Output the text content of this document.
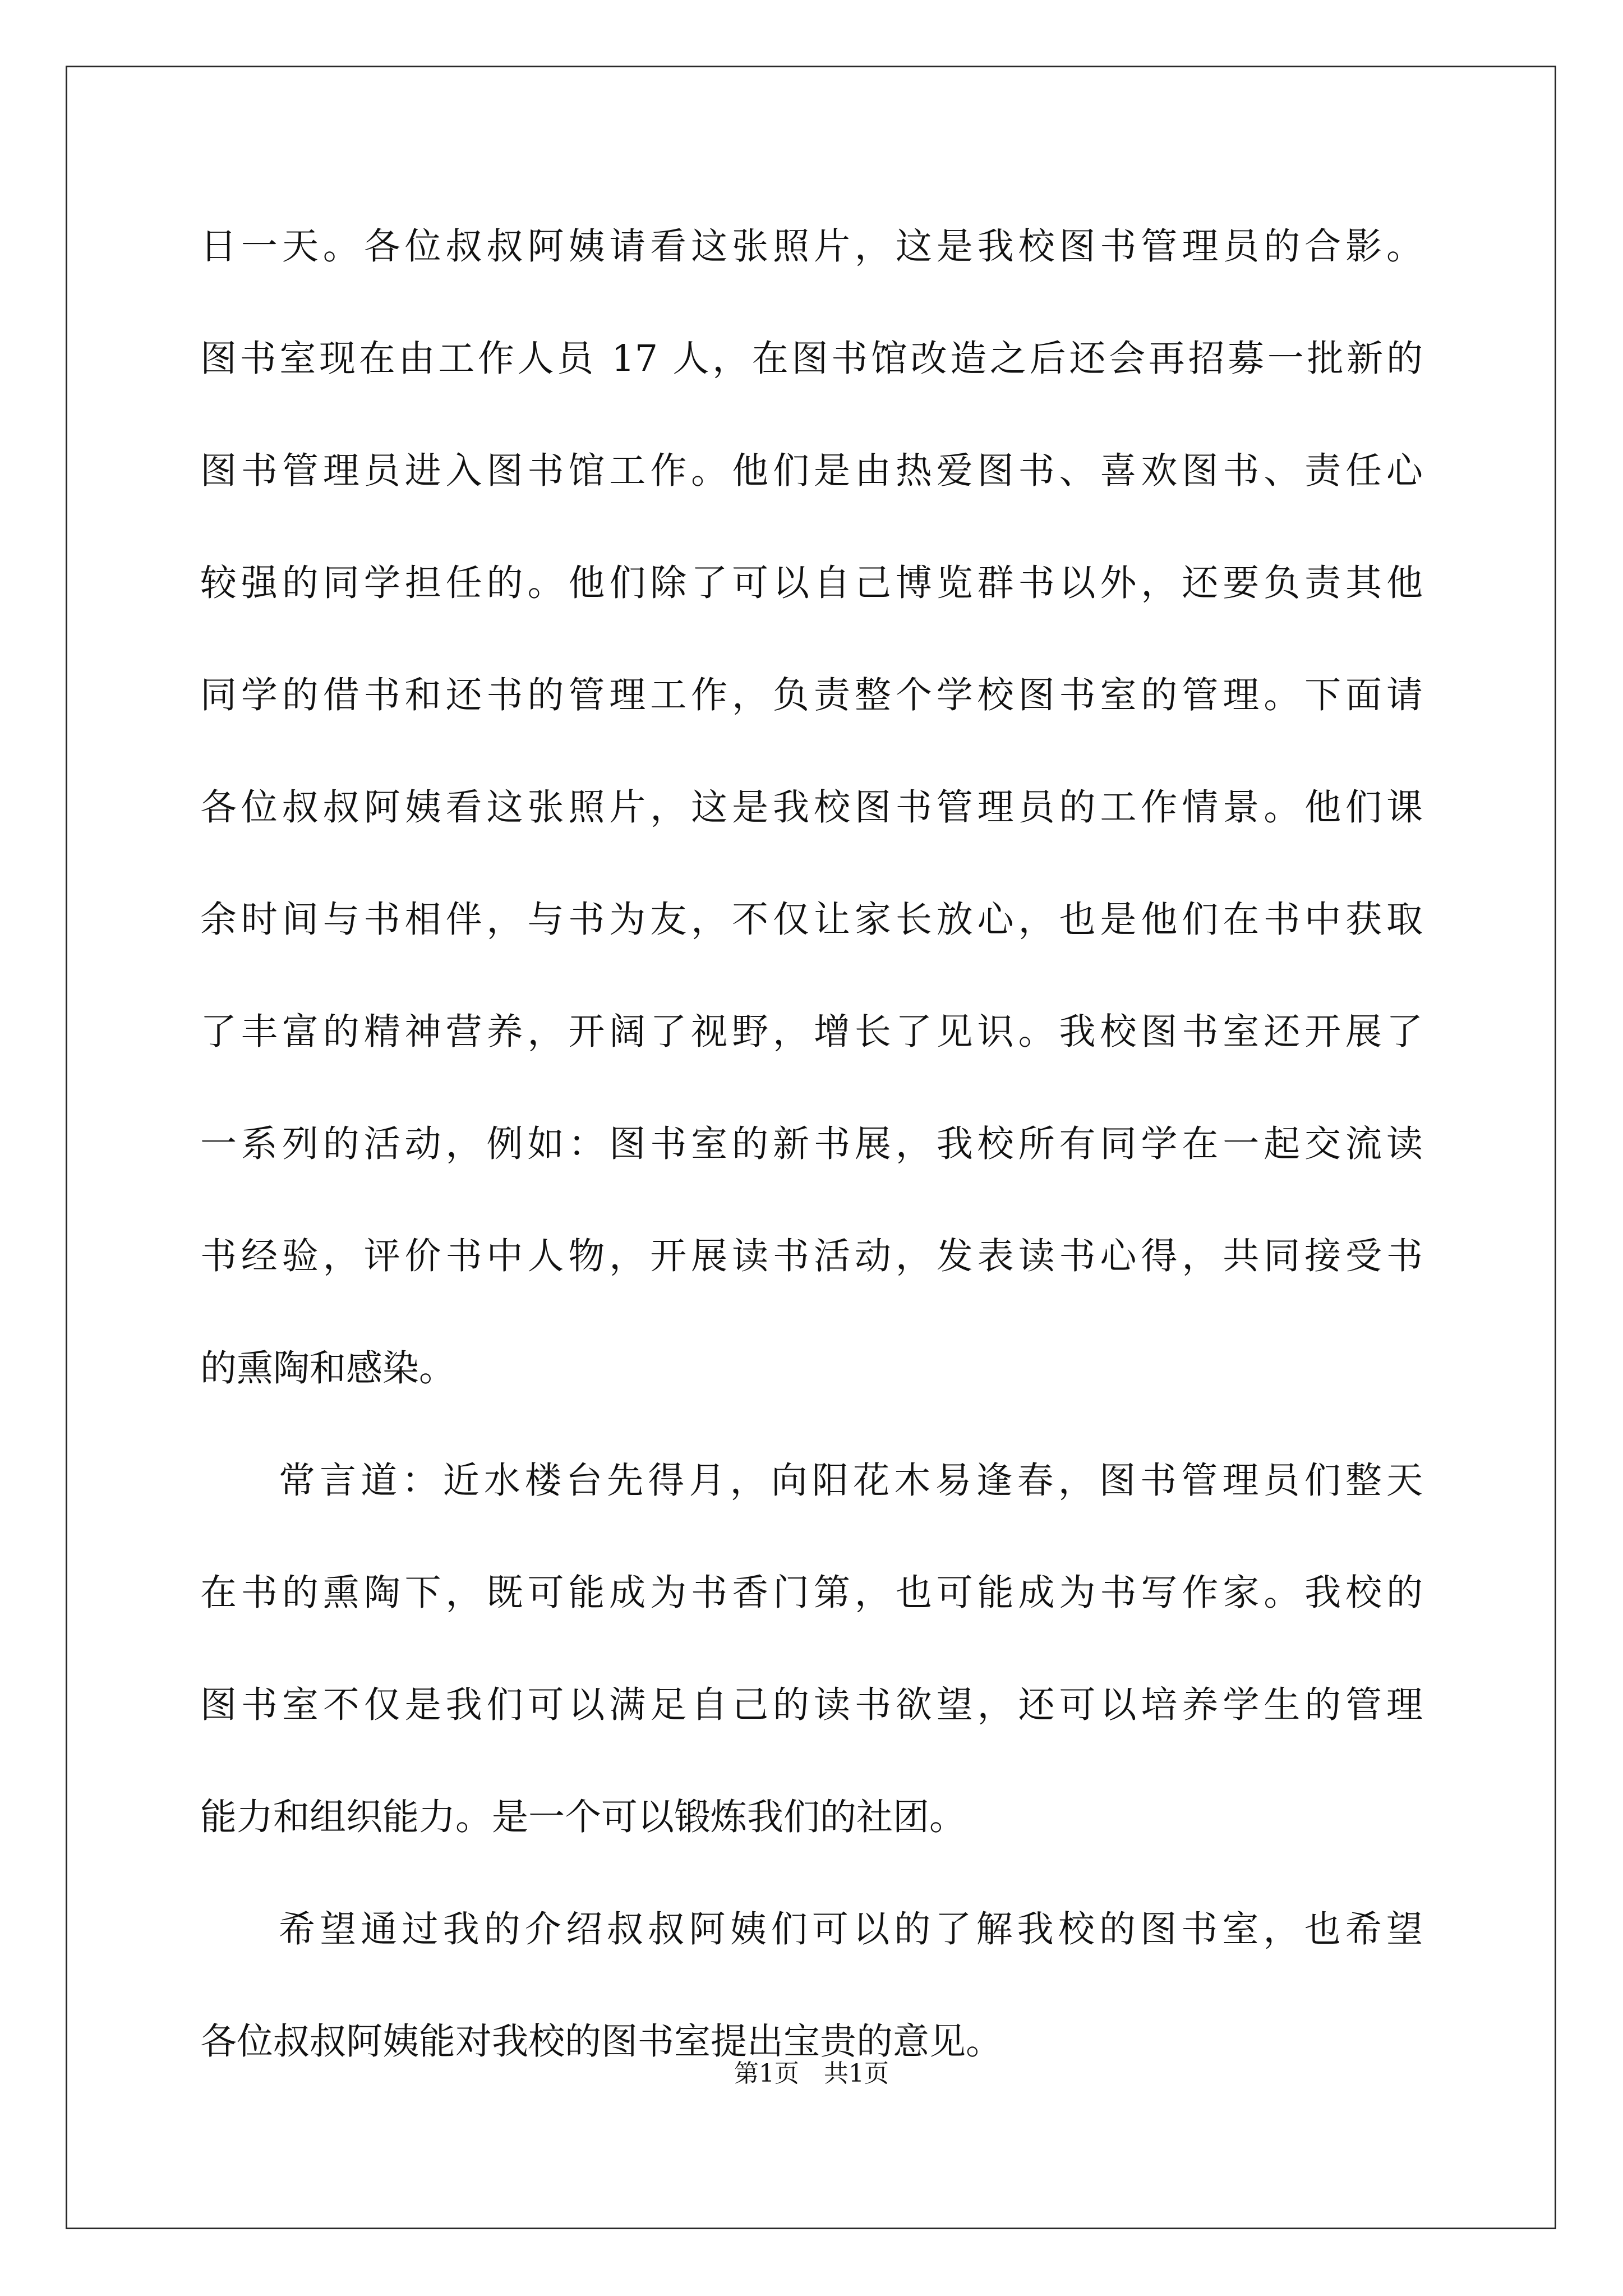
日一天。各位叔叔阿姨请看这张照片，这是我校图书管理员的合影。
图书室现在由工作人员 17 人，在图书馆改造之后还会再招募一批新的
图书管理员进入图书馆工作。他们是由热爱图书、喜欢图书、责任心
较强的同学担任的。他们除了可以自己博览群书以外，还要负责其他
同学的借书和还书的管理工作，负责整个学校图书室的管理。下面请
各位叔叔阿姨看这张照片，这是我校图书管理员的工作情景。他们课
余时间与书相伴，与书为友，不仅让家长放心，也是他们在书中获取
了丰富的精神营养，开阔了视野，增长了见识。我校图书室还开展了
一系列的活动，例如：图书室的新书展，我校所有同学在一起交流读
书经验，评价书中人物，开展读书活动，发表读书心得，共同接受书
的熏陶和感染。
常言道：近水楼台先得月，向阳花木易逢春，图书管理员们整天
在书的熏陶下，既可能成为书香门第，也可能成为书写作家。我校的
图书室不仅是我们可以满足自己的读书欲望，还可以培养学生的管理
能力和组织能力。是一个可以锻炼我们的社团。
希望通过我的介绍叔叔阿姨们可以的了解我校的图书室，也希望
各位叔叔阿姨能对我校的图书室提出宝贵的意见。
第1页 共1页
